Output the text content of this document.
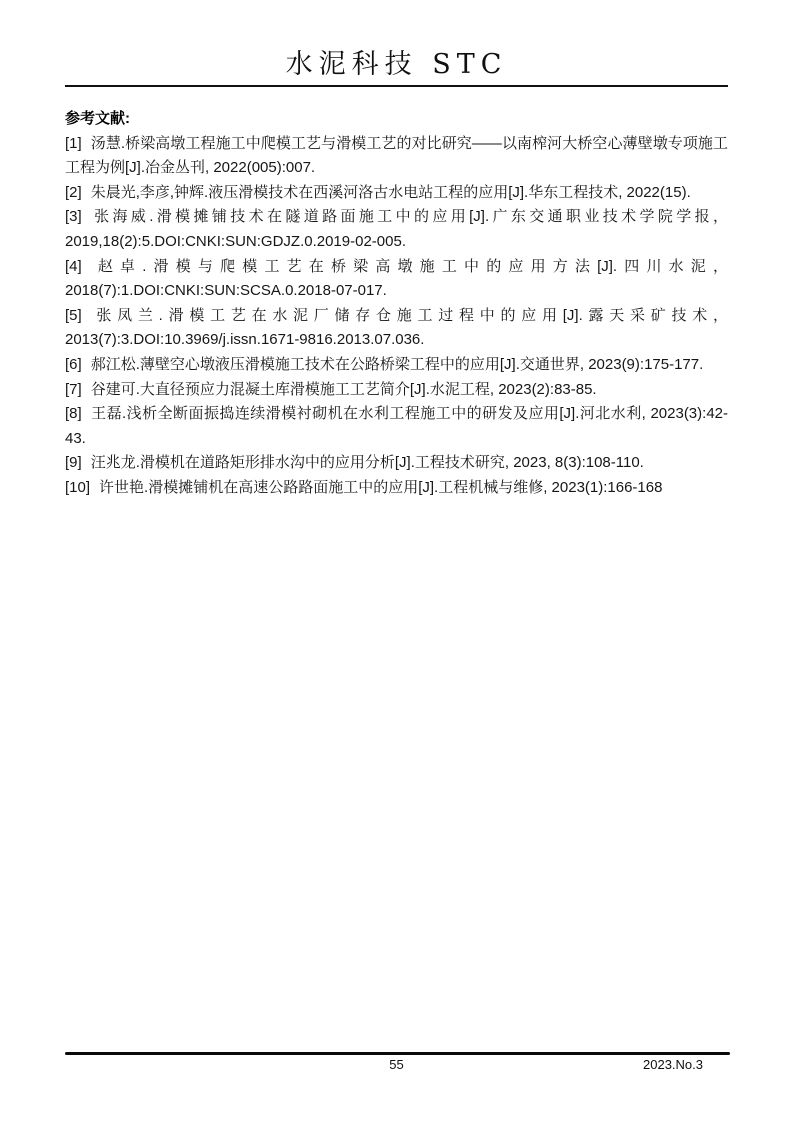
水泥科技 STC

参考文献:

[1] 汤慧.桥梁高墩工程施工中爬模工艺与滑模工艺的对比研究——以南榨河大桥空心薄壁墩专项施工工程为例[J].冶金丛刊, 2022(005):007.

[2] 朱晨光,李彦,钟辉.液压滑模技术在西溪河洛古水电站工程的应用[J].华东工程技术, 2022(15).

[3] 张海威.滑模摊铺技术在隧道路面施工中的应用[J].广东交通职业技术学院学报，2019,18(2):5.DOI:CNKI:SUN:GDJZ.0.2019-02-005.

[4] 赵卓.滑模与爬模工艺在桥梁高墩施工中的应用方法[J].四川水泥，2018(7):1.DOI:CNKI:SUN:SCSA.0.2018-07-017.

[5] 张凤兰.滑模工艺在水泥厂储存仓施工过程中的应用[J].露天采矿技术，2013(7):3.DOI:10.3969/j.issn.1671-9816.2013.07.036.

[6] 郝江松.薄壁空心墩液压滑模施工技术在公路桥梁工程中的应用[J].交通世界, 2023(9):175-177.

[7] 谷建可.大直径预应力混凝土库滑模施工工艺简介[J].水泥工程, 2023(2):83-85.

[8] 王磊.浅析全断面振捣连续滑模衬砌机在水利工程施工中的研发及应用[J].河北水利, 2023(3):42-43.

[9] 汪兆龙.滑模机在道路矩形排水沟中的应用分析[J].工程技术研究, 2023, 8(3):108-110.

[10] 许世艳.滑模摊铺机在高速公路路面施工中的应用[J].工程机械与维修, 2023(1):166-168

55	2023.No.3
